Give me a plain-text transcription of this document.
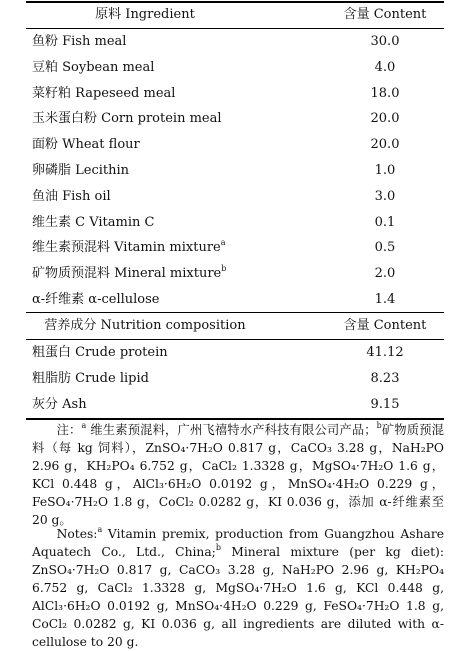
原料 Ingredient	含量 Content
鱼粉 Fish meal	30.0
豆粕 Soybean meal	4.0
菜籽粕 Rapeseed meal	18.0
玉米蛋白粉 Corn protein meal	20.0
面粉 Wheat flour	20.0
卵磷脂 Lecithin	1.0
鱼油 Fish oil	3.0
维生素 C Vitamin C	0.1
维生素预混料 Vitamin mixture$^a$	0.5
矿物质预混料 Mineral mixture$^b$	2.0
α-纤维素 α-cellulose	1.4
营养成分 Nutrition composition	含量 Content
粗蛋白 Crude protein	41.12
粗脂肪 Crude lipid	8.23
灰分 Ash	9.15

注：$^a$ 维生素预混料，广州飞禧特水产科技有限公司产品；$^b$矿物质预混料（每 kg 饲料），ZnSO₄·7H₂O 0.817 g，CaCO₃ 3.28 g，NaH₂PO 2.96 g，KH₂PO₄ 6.752 g，CaCl₂ 1.3328 g，MgSO₄·7H₂O 1.6 g，KCl 0.448 g，AlCl₃·6H₂O 0.0192 g，MnSO₄·4H₂O 0.229 g，FeSO₄·7H₂O 1.8 g，CoCl₂ 0.0282 g，KI 0.036 g，添加 α-纤维素至 20 g。

Notes:$^a$ Vitamin premix, production from Guangzhou Ashare Aquatech Co., Ltd., China;$^b$ Mineral mixture (per kg diet): ZnSO₄·7H₂O 0.817 g, CaCO₃ 3.28 g, NaH₂PO 2.96 g, KH₂PO₄ 6.752 g, CaCl₂ 1.3328 g, MgSO₄·7H₂O 1.6 g, KCl 0.448 g, AlCl₃·6H₂O 0.0192 g, MnSO₄·4H₂O 0.229 g, FeSO₄·7H₂O 1.8 g, CoCl₂ 0.0282 g, KI 0.036 g, all ingredients are diluted with α-cellulose to 20 g.
